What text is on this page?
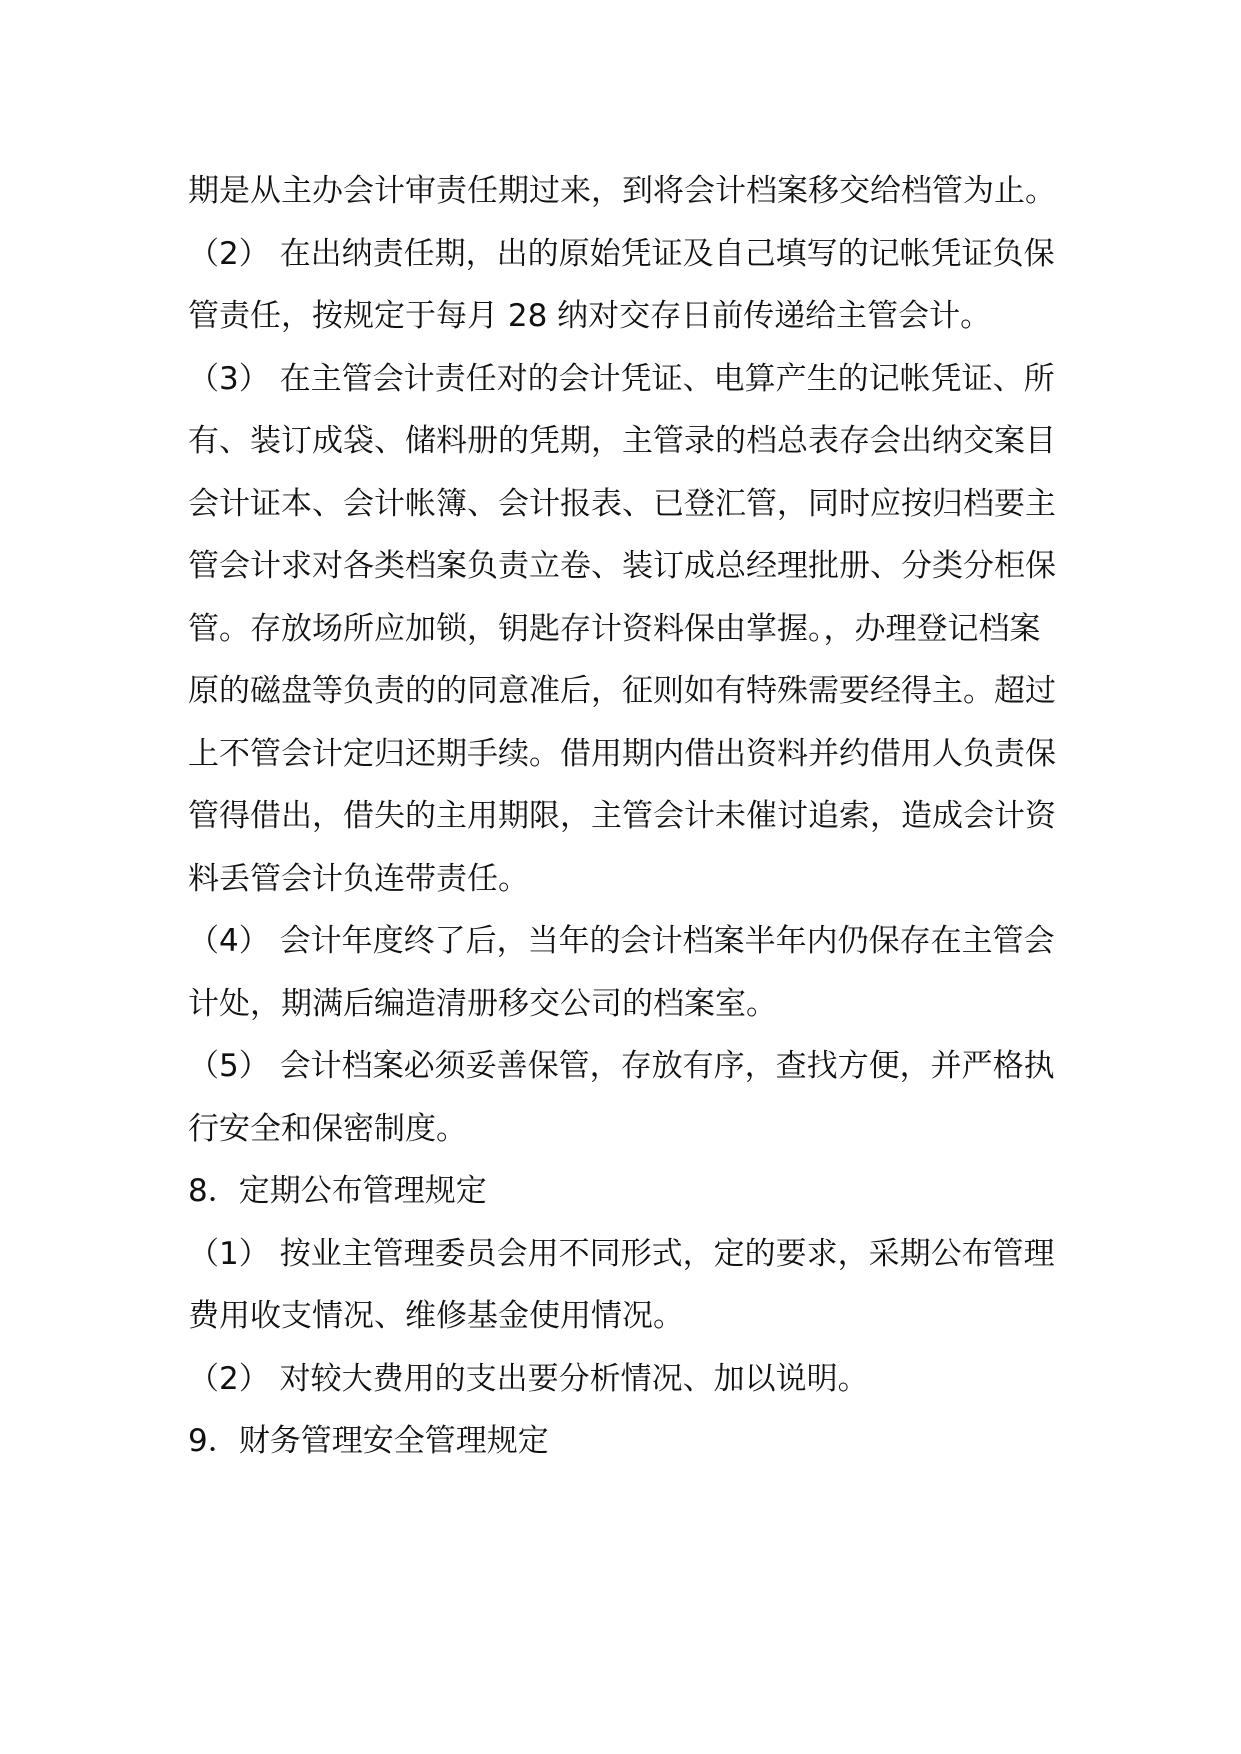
期是从主办会计审责任期过来，到将会计档案移交给档管为止。

（2） 在出纳责任期，出的原始凭证及自己填写的记帐凭证负保管责任，按规定于每月 28 纳对交存日前传递给主管会计。

（3） 在主管会计责任对的会计凭证、电算产生的记帐凭证、所有、装订成袋、储料册的凭期，主管录的档总表存会出纳交案目会计证本、会计帐簿、会计报表、已登汇管，同时应按归档要主管会计求对各类档案负责立卷、装订成总经理批册、分类分柜保管。存放场所应加锁，钥匙存计资料保由掌握。，办理登记档案原的磁盘等负责的的同意准后，征则如有特殊需要经得主。超过上不管会计定归还期手续。借用期内借出资料并约借用人负责保管得借出，借失的主用期限，主管会计未催讨追索，造成会计资料丢管会计负连带责任。

（4） 会计年度终了后，当年的会计档案半年内仍保存在主管会计处，期满后编造清册移交公司的档案室。

（5） 会计档案必须妥善保管，存放有序，查找方便，并严格执行安全和保密制度。

8．定期公布管理规定

（1） 按业主管理委员会用不同形式，定的要求，采期公布管理费用收支情况、维修基金使用情况。

（2） 对较大费用的支出要分析情况、加以说明。

9．财务管理安全管理规定
